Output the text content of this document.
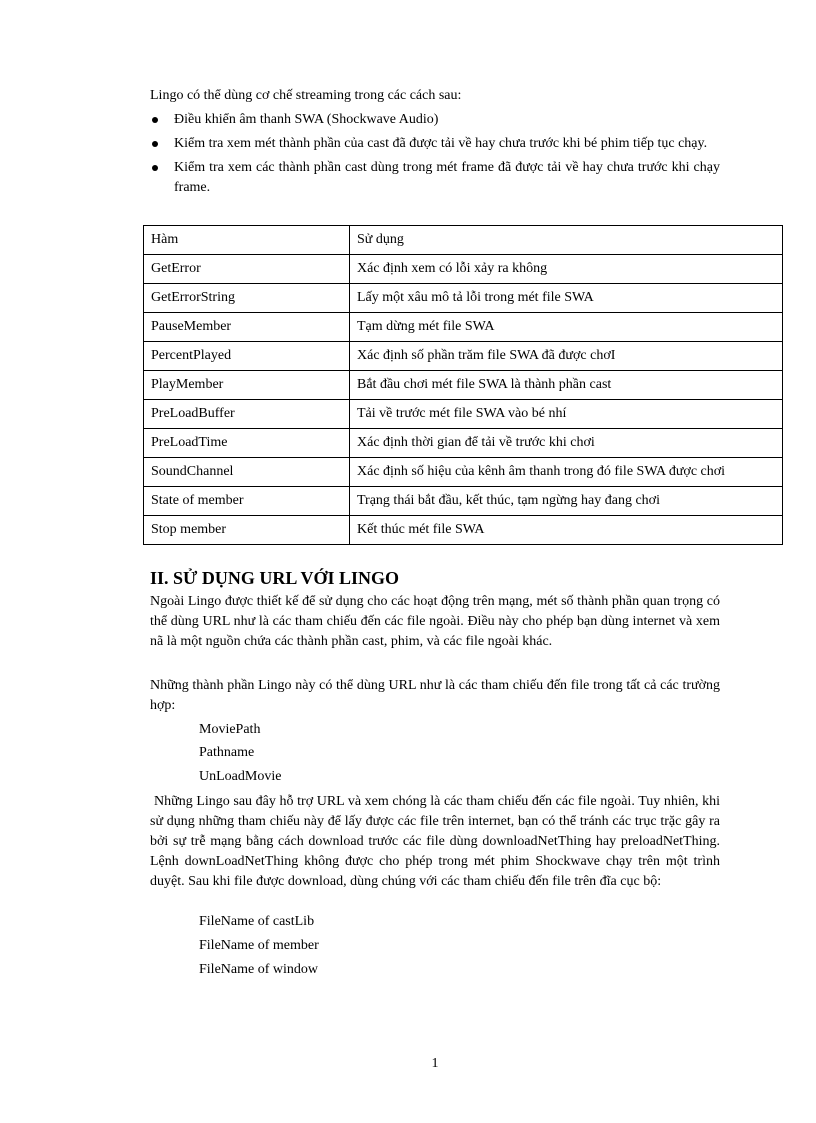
Lingo có thể dùng cơ chế streaming trong các cách sau:

Điều khiển âm thanh SWA (Shockwave Audio)
Kiểm tra xem mét thành phần của cast đã được tải về hay chưa trước khi bé phim tiếp tục chạy.
Kiểm tra xem các thành phần cast dùng trong mét frame đã được tải về hay chưa trước khi chạy frame.
Hàm	Sử dụng
GetError	Xác định xem có lỗi xảy ra không
GetErrorString	Lấy một xâu mô tả lỗi trong mét file SWA
PauseMember	Tạm dừng mét file SWA
PercentPlayed	Xác định số phần trăm file SWA đã được chơI
PlayMember	Bắt đầu chơi mét file SWA là thành phần cast
PreLoadBuffer	Tải về trước mét file SWA vào bé nhí
PreLoadTime	Xác định thời gian để tải về trước khi chơi
SoundChannel	Xác định số hiệu của kênh âm thanh trong đó file SWA được chơi
State of member	Trạng thái bắt đầu, kết thúc, tạm ngừng hay đang chơi
Stop member	Kết thúc mét file SWA
II. SỬ DỤNG URL VỚI LINGO

Ngoài Lingo được thiết kế để sử dụng cho các hoạt động trên mạng, mét số thành phần quan trọng có thể dùng URL như là các tham chiếu đến các file ngoài. Điều này cho phép bạn dùng internet và xem nã là một nguồn chứa các thành phần cast, phim, và các file ngoài khác.

Những thành phần Lingo này có thể dùng URL như là các tham chiếu đến file trong tất cả các trường hợp:

MoviePath

Pathname

UnLoadMovie

Những Lingo sau đây hỗ trợ URL và xem chóng là các tham chiếu đến các file ngoài. Tuy nhiên, khi sử dụng những tham chiếu này để lấy được các file trên internet, bạn có thể tránh các trục trặc gây ra bởi sự trễ mạng bằng cách download trước các file dùng downloadNetThing hay preloadNetThing. Lệnh downLoadNetThing không được cho phép trong mét phim Shockwave chạy trên một trình duyệt. Sau khi file được download, dùng chúng với các tham chiếu đến file trên đĩa cục bộ:

FileName of castLib

FileName of member

FileName of window

1
